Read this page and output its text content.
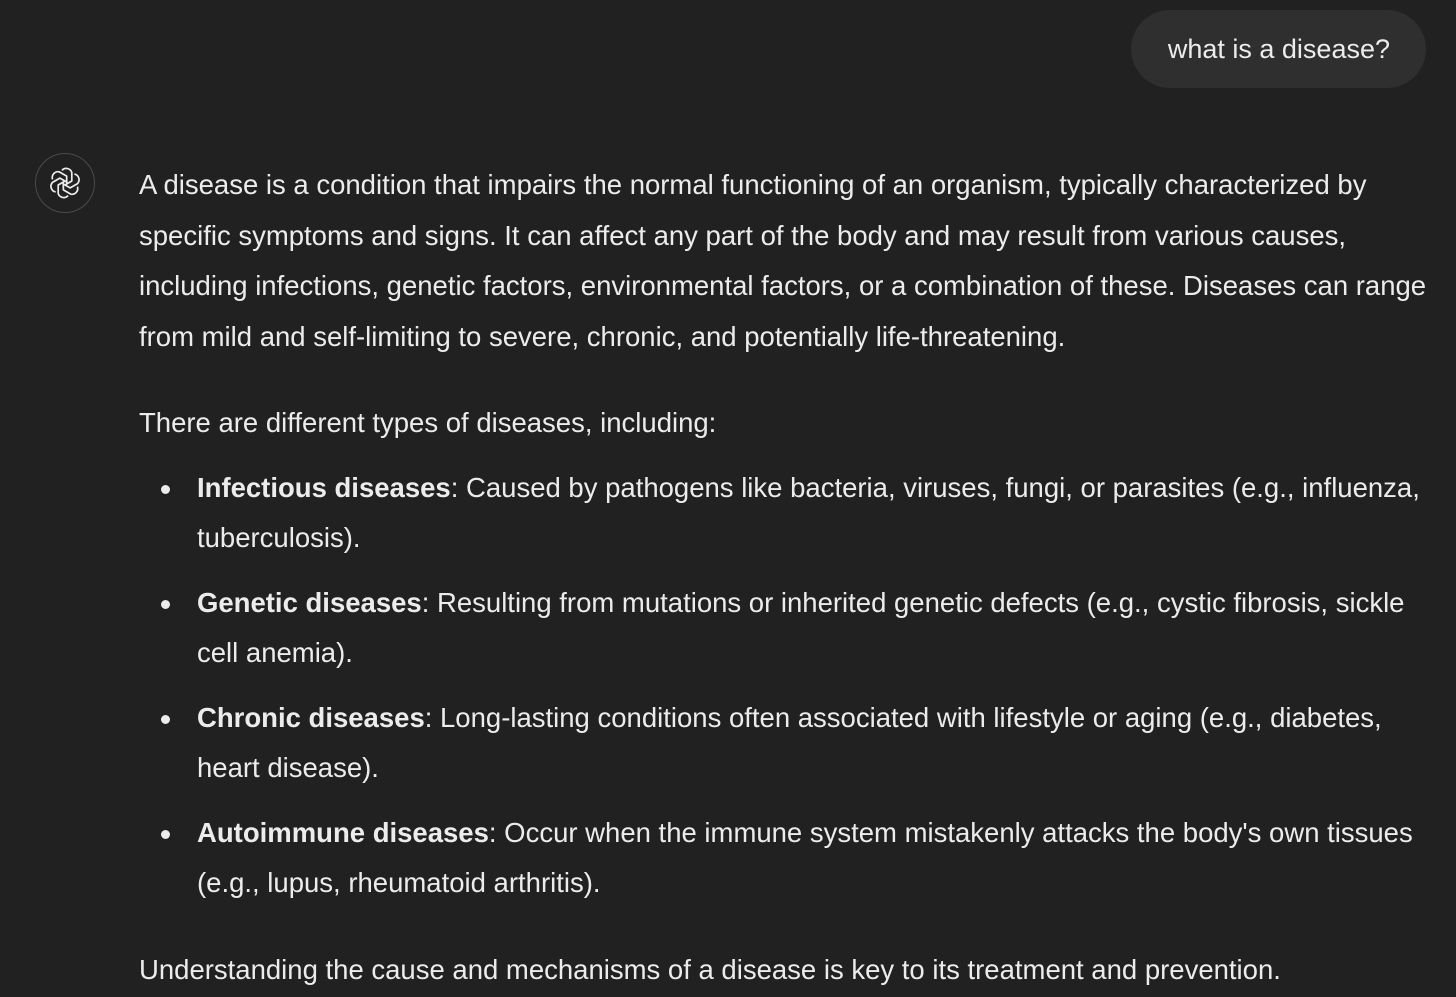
what is a disease?

A disease is a condition that impairs the normal functioning of an organism, typically characterized by specific symptoms and signs. It can affect any part of the body and may result from various causes, including infections, genetic factors, environmental factors, or a combination of these. Diseases can range from mild and self-limiting to severe, chronic, and potentially life-threatening.

There are different types of diseases, including:

Infectious diseases: Caused by pathogens like bacteria, viruses, fungi, or parasites (e.g., influenza, tuberculosis).
Genetic diseases: Resulting from mutations or inherited genetic defects (e.g., cystic fibrosis, sickle cell anemia).
Chronic diseases: Long-lasting conditions often associated with lifestyle or aging (e.g., diabetes, heart disease).
Autoimmune diseases: Occur when the immune system mistakenly attacks the body's own tissues (e.g., lupus, rheumatoid arthritis).

Understanding the cause and mechanisms of a disease is key to its treatment and prevention.
